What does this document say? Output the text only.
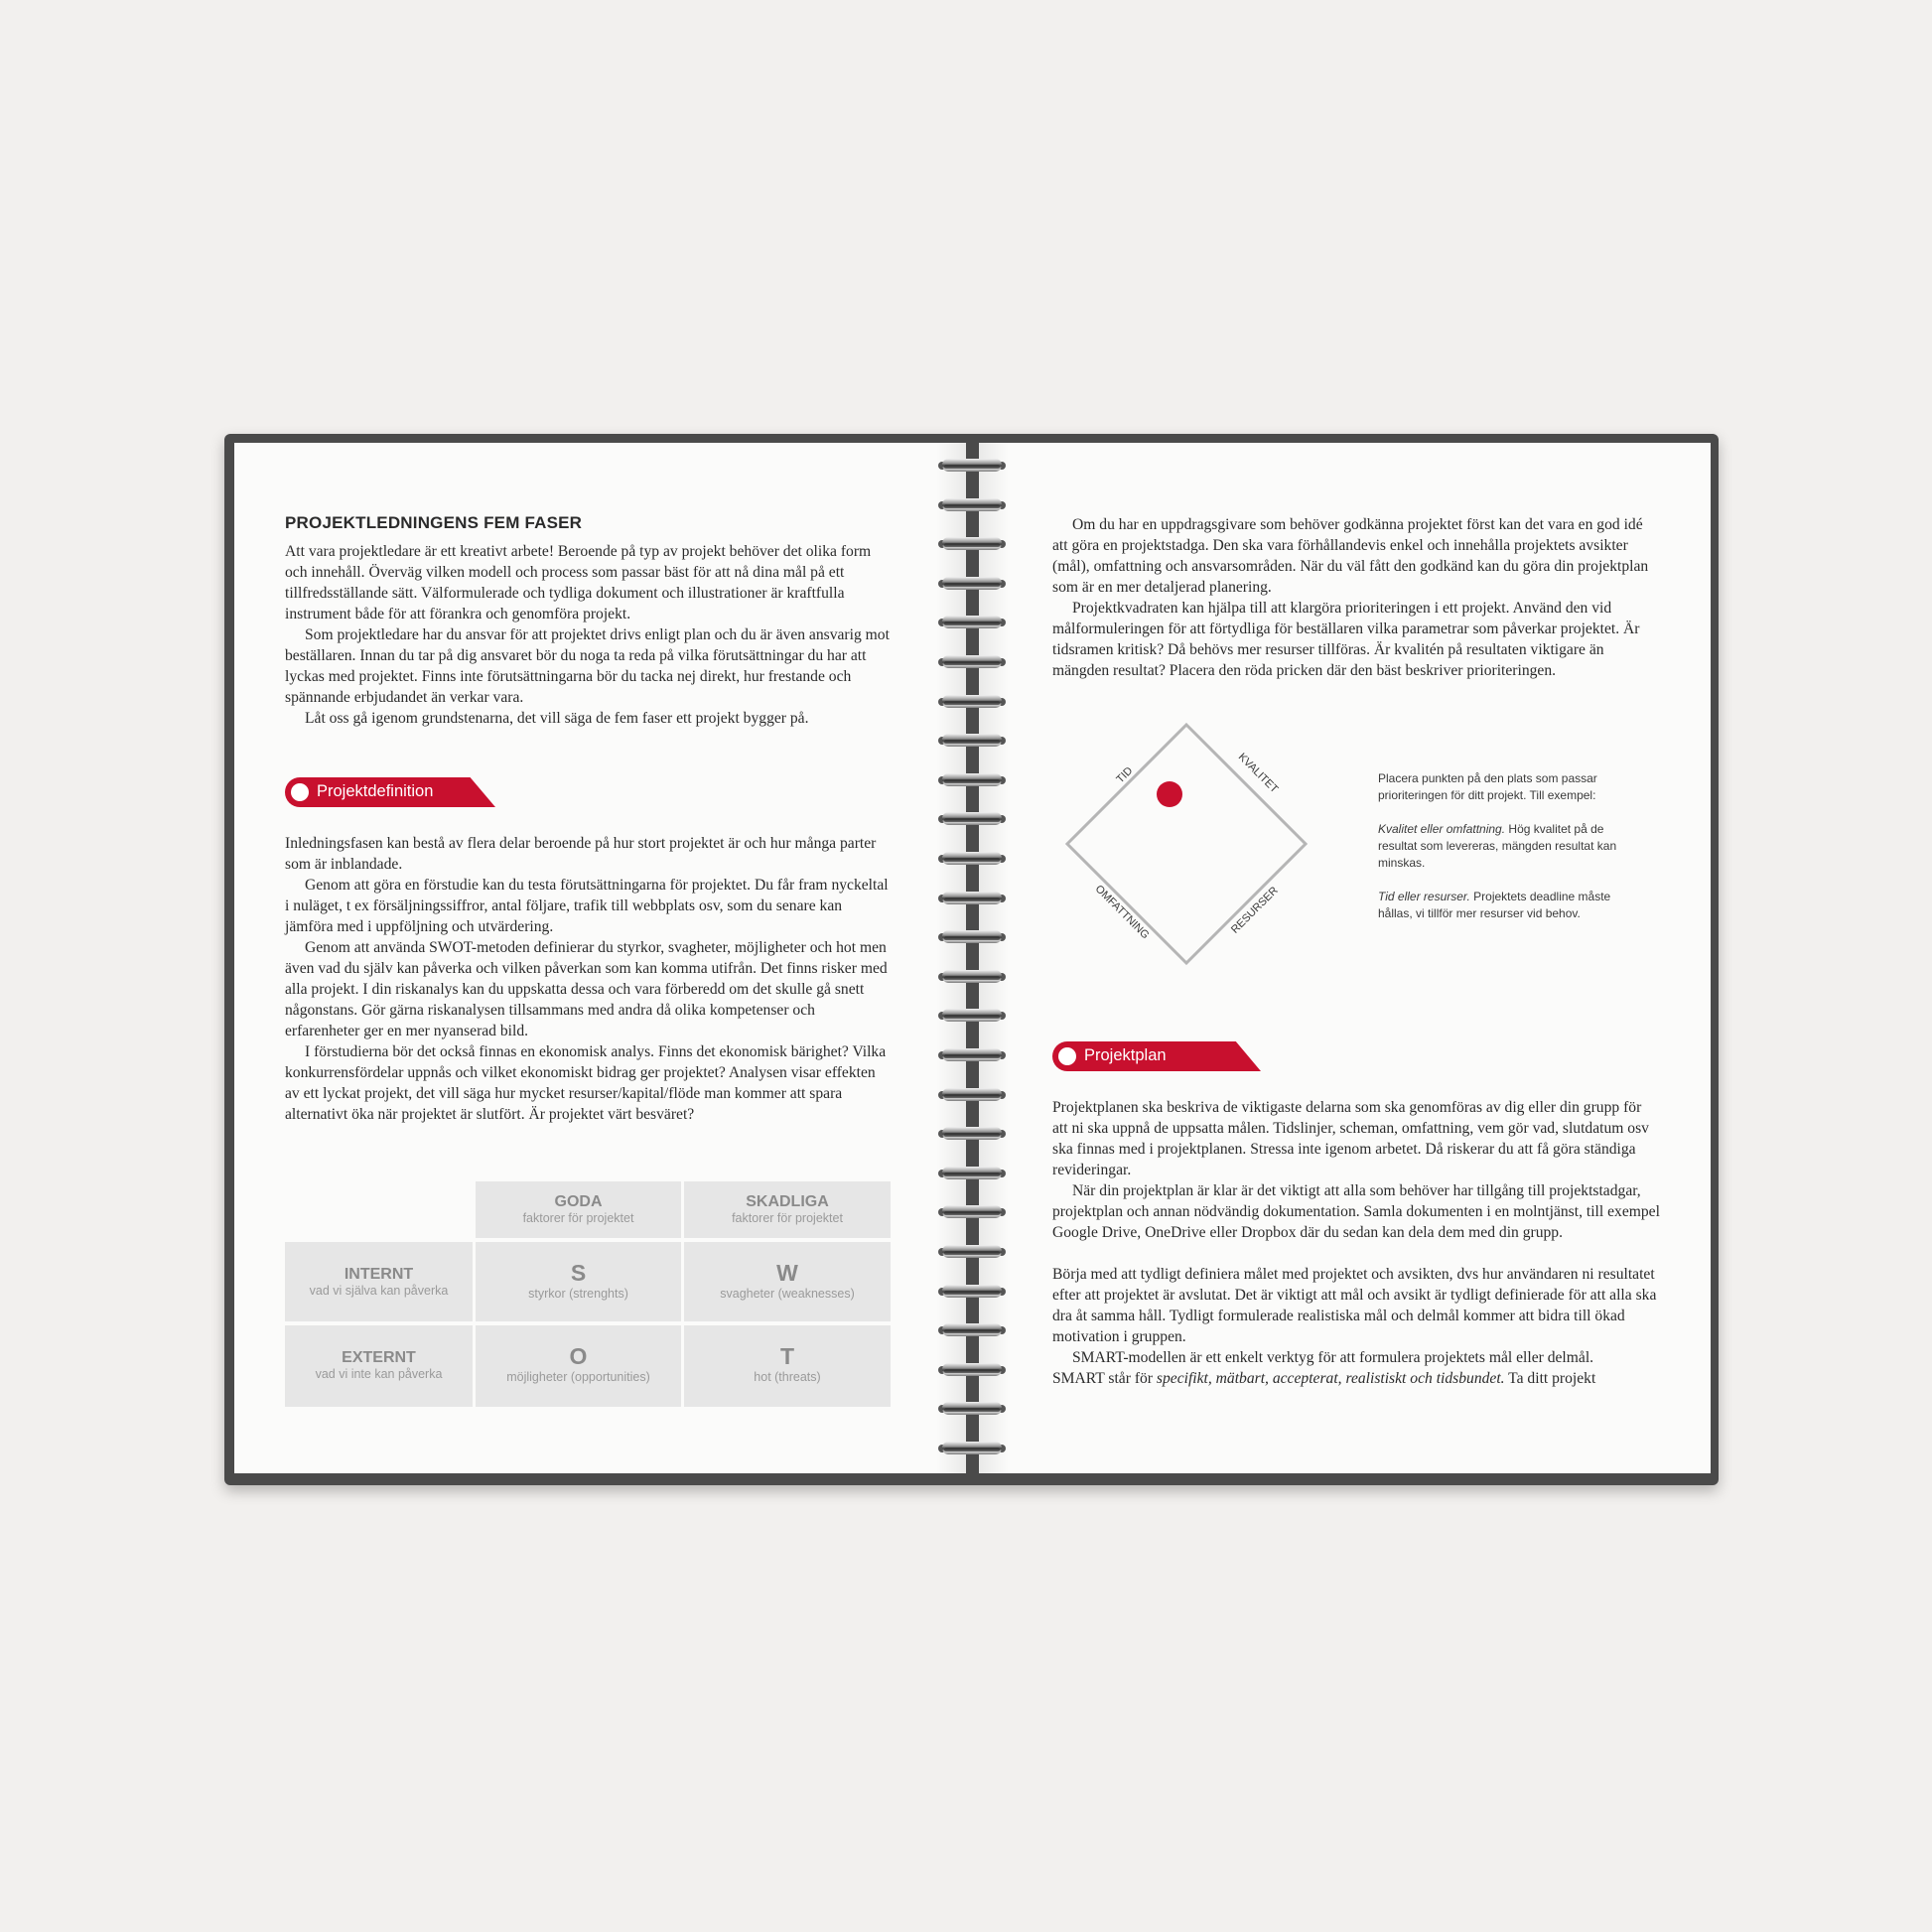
PROJEKTLEDNINGENS FEM FASER

Att vara projektledare är ett kreativt arbete! Beroende på typ av projekt behöver det olika form och innehåll. Överväg vilken modell och process som passar bäst för att nå dina mål på ett tillfredsställande sätt. Välformulerade och tydliga dokument och illustrationer är kraftfulla instrument både för att förankra och genomföra projekt.

Som projektledare har du ansvar för att projektet drivs enligt plan och du är även ansvarig mot beställaren. Innan du tar på dig ansvaret bör du noga ta reda på vilka förutsättningar du har att lyckas med projektet. Finns inte förutsättningarna bör du tacka nej direkt, hur frestande och spännande erbjudandet än verkar vara.

Låt oss gå igenom grundstenarna, det vill säga de fem faser ett projekt bygger på.

Projektdefinition

Inledningsfasen kan bestå av flera delar beroende på hur stort projektet är och hur många parter som är inblandade.

Genom att göra en förstudie kan du testa förutsättningarna för projektet. Du får fram nyckeltal i nuläget, t ex försäljningssiffror, antal följare, trafik till webbplats osv, som du senare kan jämföra med i uppföljning och utvärdering.

Genom att använda SWOT-metoden definierar du styrkor, svagheter, möjligheter och hot men även vad du själv kan påverka och vilken påverkan som kan komma utifrån. Det finns risker med alla projekt. I din riskanalys kan du uppskatta dessa och vara förberedd om det skulle gå snett någonstans. Gör gärna riskanalysen tillsammans med andra då olika kompetenser och erfarenheter ger en mer nyanserad bild.

I förstudierna bör det också finnas en ekonomisk analys. Finns det ekonomisk bärighet? Vilka konkurrensfördelar uppnås och vilket ekonomiskt bidrag ger projektet? Analysen visar effekten av ett lyckat projekt, det vill säga hur mycket resurser/kapital/flöde man kommer att spara alternativt öka när projektet är slutfört. Är projektet värt besväret?

GODA
faktorer för projektet
SKADLIGA
faktorer för projektet
INTERNT
vad vi själva kan påverka
S
styrkor (strenghts)
W
svagheter (weaknesses)
EXTERNT
vad vi inte kan påverka
O
möjligheter (opportunities)
T
hot (threats)

Om du har en uppdragsgivare som behöver godkänna projektet först kan det vara en god idé att göra en projektstadga. Den ska vara förhållandevis enkel och innehålla projektets avsikter (mål), omfattning och ansvarsområden. När du väl fått den godkänd kan du göra din projektplan som är en mer detaljerad planering.

Projektkvadraten kan hjälpa till att klargöra prioriteringen i ett projekt. Använd den vid målformuleringen för att förtydliga för beställaren vilka parametrar som påverkar projektet. Är tidsramen kritisk? Då behövs mer resurser tillföras. Är kvalitén på resultaten viktigare än mängden resultat? Placera den röda pricken där den bäst beskriver prioriteringen.

TID	KVALITET
OMFATTNING	RESURSER

Placera punkten på den plats som passar prioriteringen för ditt projekt. Till exempel:

Kvalitet eller omfattning. Hög kvalitet på de resultat som levereras, mängden resultat kan minskas.

Tid eller resurser. Projektets deadline måste hållas, vi tillför mer resurser vid behov.

Projektplan

Projektplanen ska beskriva de viktigaste delarna som ska genomföras av dig eller din grupp för att ni ska uppnå de uppsatta målen. Tidslinjer, scheman, omfattning, vem gör vad, slutdatum osv ska finnas med i projektplanen. Stressa inte igenom arbetet. Då riskerar du att få göra ständiga revideringar.

När din projektplan är klar är det viktigt att alla som behöver har tillgång till projektstadgar, projektplan och annan nödvändig dokumentation. Samla dokumenten i en molntjänst, till exempel Google Drive, OneDrive eller Dropbox där du sedan kan dela dem med din grupp.

Börja med att tydligt definiera målet med projektet och avsikten, dvs hur användaren ni resultatet efter att projektet är avslutat. Det är viktigt att mål och avsikt är tydligt definierade för att alla ska dra åt samma håll. Tydligt formulerade realistiska mål och delmål kommer att bidra till ökad motivation i gruppen.

SMART-modellen är ett enkelt verktyg för att formulera projektets mål eller delmål.

SMART står för specifikt, mätbart, accepterat, realistiskt och tidsbundet. Ta ditt projekt
